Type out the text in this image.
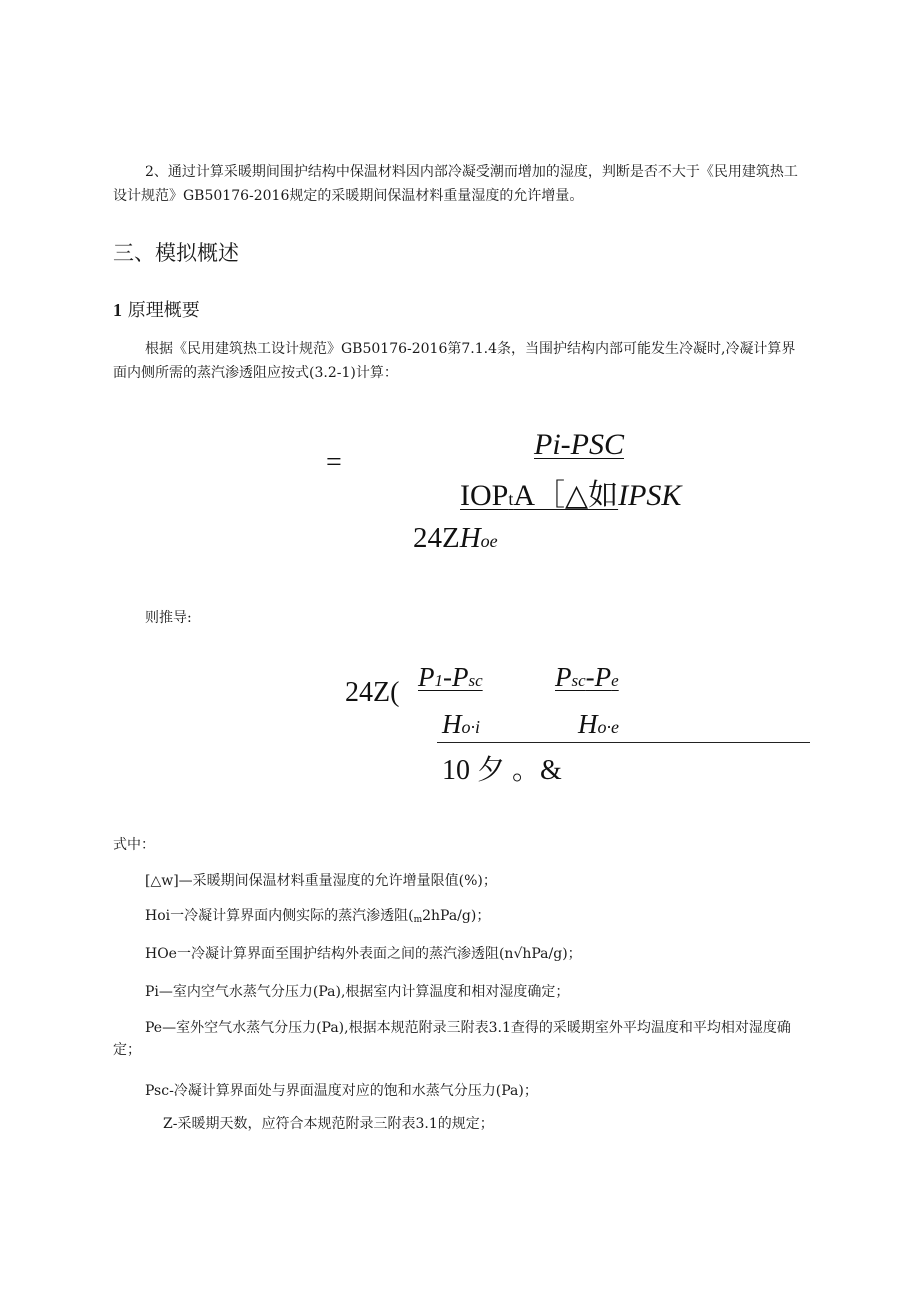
2、通过计算采暖期间围护结构中保温材料因内部冷凝受潮而增加的湿度，判断是否不大于《民用建筑热工设计规范》GB50176-2016规定的采暖期间保温材料重量湿度的允许增量。
三、模拟概述
1 原理概要
根据《民用建筑热工设计规范》GB50176-2016第7.1.4条，当围护结构内部可能发生冷凝时,冷凝计算界面内侧所需的蒸汽渗透阻应按式(3.2-1)计算：
=
Pi-PSC
IOPtA［△如IPSK
24ZHoe
则推导:
24Z( P1-Psc	Psc-Pe
Ho·i	Ho·e
10 夕 。&
式中：
[△w]—采暖期间保温材料重量湿度的允许增量限值(%)；
Hoi一冷凝计算界面内侧实际的蒸汽渗透阻(m2hPa/g)；
HOe一冷凝计算界面至围护结构外表面之间的蒸汽渗透阻(n√hPa/g)；
Pi—室内空气水蒸气分压力(Pa),根据室内计算温度和相对湿度确定；
Pe—室外空气水蒸气分压力(Pa),根据本规范附录三附表3.1查得的采暖期室外平均温度和平均相对湿度确定；
Psc-冷凝计算界面处与界面温度对应的饱和水蒸气分压力(Pa)；
Z-采暖期天数，应符合本规范附录三附表3.1的规定；
